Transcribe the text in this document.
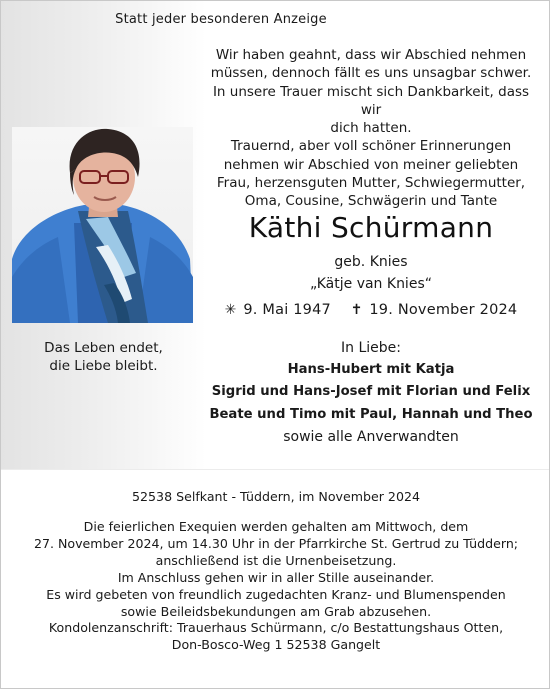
Statt jeder besonderen Anzeige

Wir haben geahnt, dass wir Abschied nehmen

müssen, dennoch fällt es uns unsagbar schwer.

In unsere Trauer mischt sich Dankbarkeit, dass wir

dich hatten.

Trauernd, aber voll schöner Erinnerungen

nehmen wir Abschied von meiner geliebten

Frau, herzensguten Mutter, Schwiegermutter,

Oma, Cousine, Schwägerin und Tante

Das Leben endet,
die Liebe bleibt.
Käthi Schürmann
geb. Knies
„Kätje van Knies“
✳ 9. Mai 1947 ✝ 19. November 2024
In Liebe:
Hans-Hubert mit Katja
Sigrid und Hans-Josef mit Florian und Felix
Beate und Timo mit Paul, Hannah und Theo
sowie alle Anverwandten
52538 Selfkant - Tüddern, im November 2024

Die feierlichen Exequien werden gehalten am Mittwoch, dem

27. November 2024, um 14.30 Uhr in der Pfarrkirche St. Gertrud zu Tüddern;

anschließend ist die Urnenbeisetzung.

Im Anschluss gehen wir in aller Stille auseinander.

Es wird gebeten von freundlich zugedachten Kranz- und Blumenspenden

sowie Beileidsbekundungen am Grab abzusehen.

Kondolenzanschrift: Trauerhaus Schürmann, c/o Bestattungshaus Otten,

Don-Bosco-Weg 1 52538 Gangelt
